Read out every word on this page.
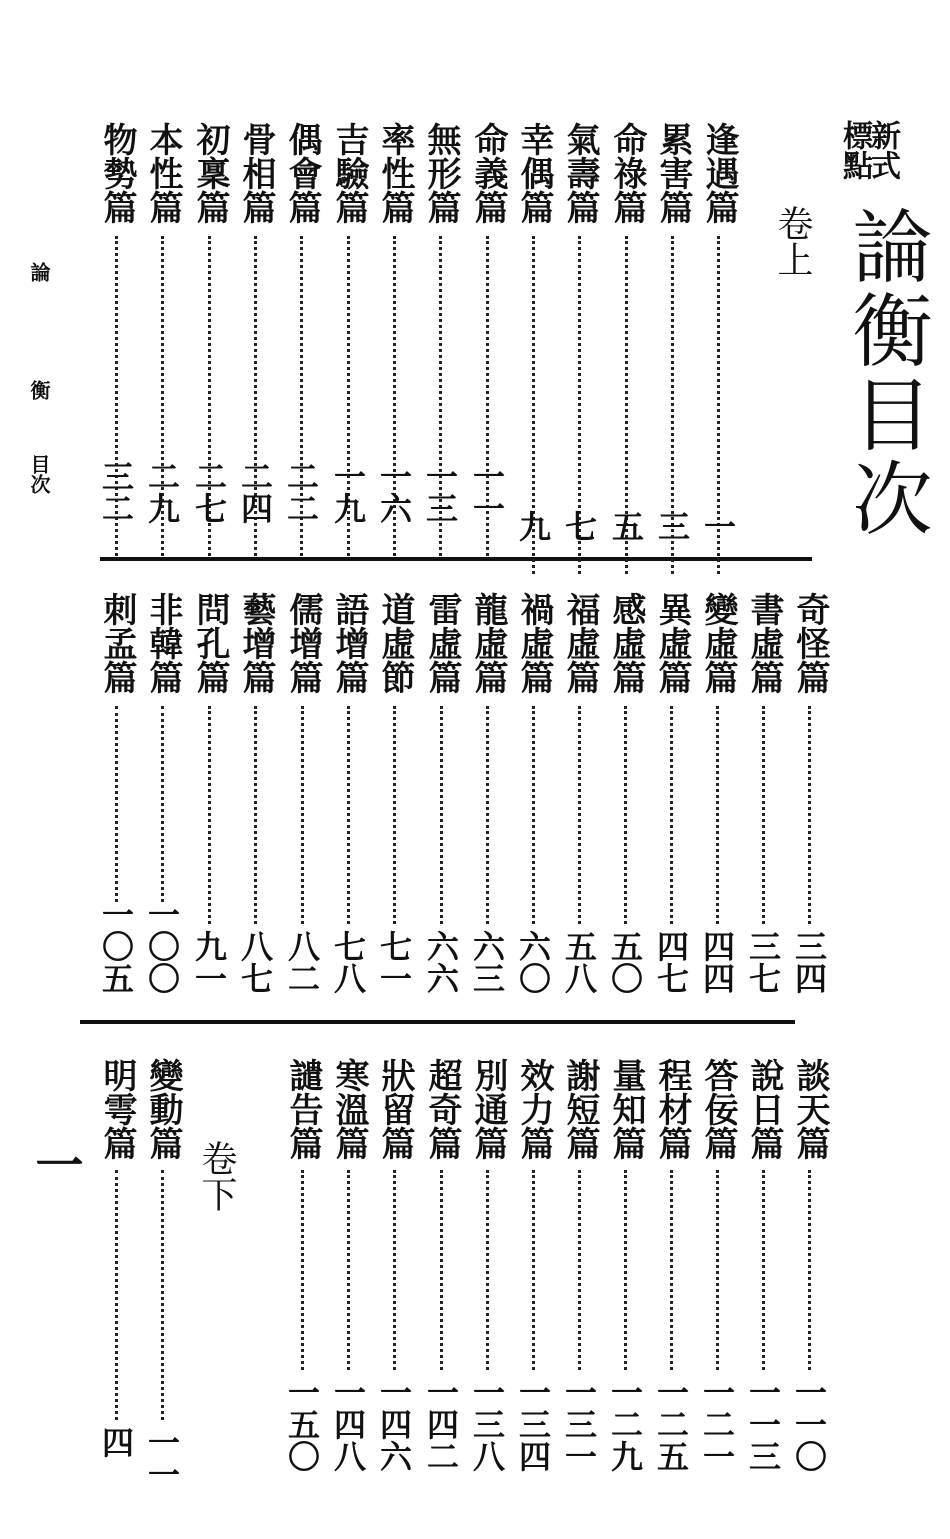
新式
標點
論衡目次
論
衡
目次
一
卷上
卷下
逢遇篇
一
累害篇
三
命祿篇
五
氣壽篇
七
幸偶篇
九
命義篇
一一
無形篇
一三
率性篇
一六
吉驗篇
一九
偶會篇
二二
骨相篇
二四
初稟篇
二七
本性篇
二九
物勢篇
三二
奇怪篇
三四
書虛篇
三七
變虛篇
四四
異虛篇
四七
感虛篇
五〇
福虛篇
五八
禍虛篇
六〇
龍虛篇
六三
雷虛篇
六六
道虛節
七一
語增篇
七八
儒增篇
八二
藝增篇
八七
問孔篇
九一
非韓篇
一〇〇
刺孟篇
一〇五
談天篇
一一〇
說日篇
一一三
答佞篇
一二一
程材篇
一二五
量知篇
一二九
謝短篇
一三一
效力篇
一三四
別通篇
一三八
超奇篇
一四二
狀留篇
一四六
寒溫篇
一四八
譴告篇
一五〇
變動篇
一一
明雩篇
四
